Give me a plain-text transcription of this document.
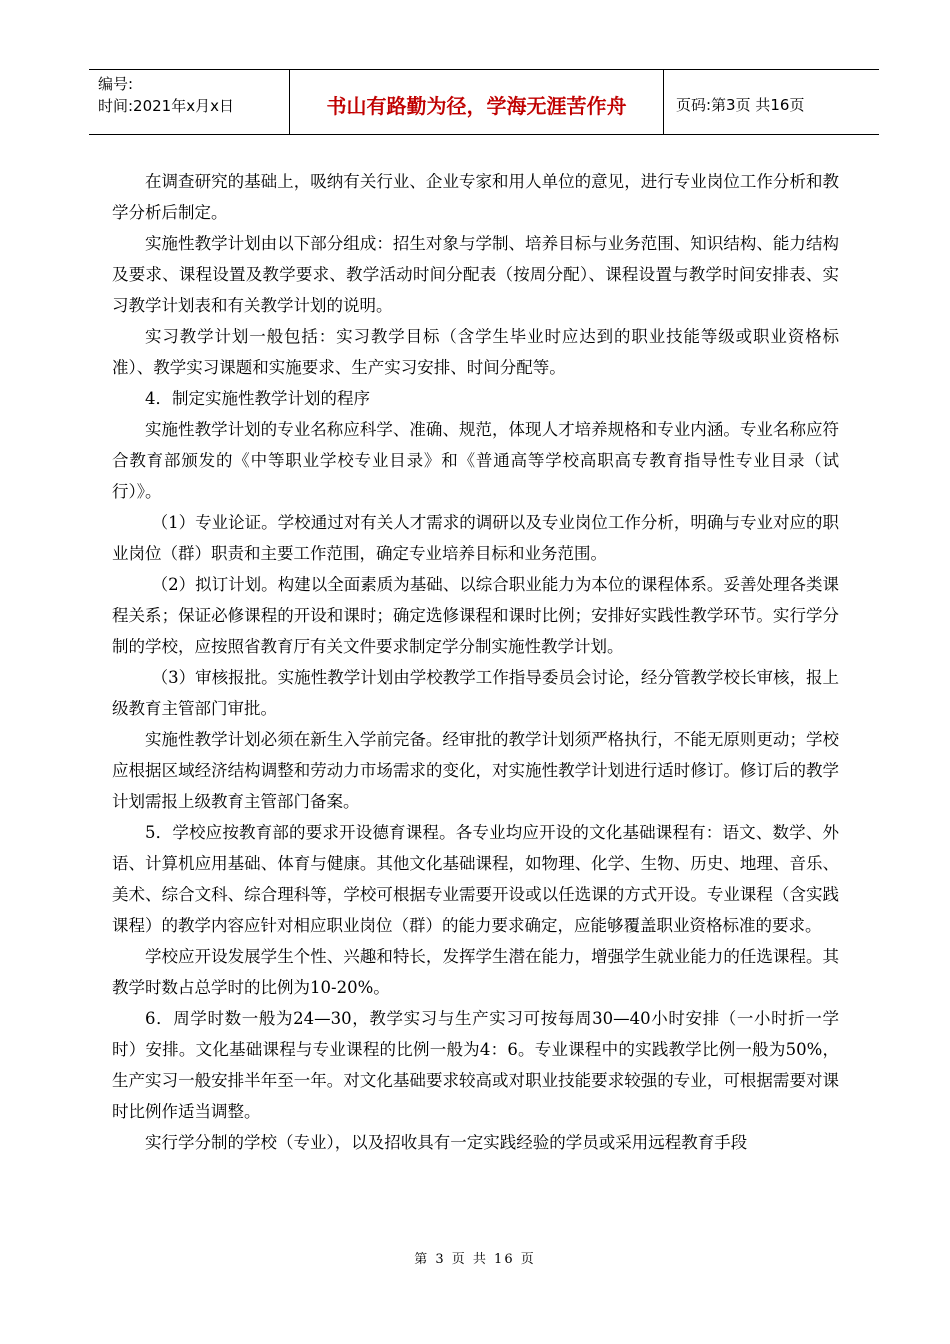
编号:
时间:2021年x月x日	书山有路勤为径，学海无涯苦作舟	页码:第3页 共16页

在调查研究的基础上，吸纳有关行业、企业专家和用人单位的意见，进行专业岗位工作分析和教学分析后制定。

实施性教学计划由以下部分组成：招生对象与学制、培养目标与业务范围、知识结构、能力结构及要求、课程设置及教学要求、教学活动时间分配表（按周分配）、课程设置与教学时间安排表、实习教学计划表和有关教学计划的说明。

实习教学计划一般包括：实习教学目标（含学生毕业时应达到的职业技能等级或职业资格标准）、教学实习课题和实施要求、生产实习安排、时间分配等。

4．制定实施性教学计划的程序

实施性教学计划的专业名称应科学、准确、规范，体现人才培养规格和专业内涵。专业名称应符合教育部颁发的《中等职业学校专业目录》和《普通高等学校高职高专教育指导性专业目录（试行）》。

（1）专业论证。学校通过对有关人才需求的调研以及专业岗位工作分析，明确与专业对应的职业岗位（群）职责和主要工作范围，确定专业培养目标和业务范围。

（2）拟订计划。构建以全面素质为基础、以综合职业能力为本位的课程体系。妥善处理各类课程关系；保证必修课程的开设和课时；确定选修课程和课时比例；安排好实践性教学环节。实行学分制的学校，应按照省教育厅有关文件要求制定学分制实施性教学计划。

（3）审核报批。实施性教学计划由学校教学工作指导委员会讨论，经分管教学校长审核，报上级教育主管部门审批。

实施性教学计划必须在新生入学前完备。经审批的教学计划须严格执行，不能无原则更动；学校应根据区域经济结构调整和劳动力市场需求的变化，对实施性教学计划进行适时修订。修订后的教学计划需报上级教育主管部门备案。

5．学校应按教育部的要求开设德育课程。各专业均应开设的文化基础课程有：语文、数学、外语、计算机应用基础、体育与健康。其他文化基础课程，如物理、化学、生物、历史、地理、音乐、美术、综合文科、综合理科等，学校可根据专业需要开设或以任选课的方式开设。专业课程（含实践课程）的教学内容应针对相应职业岗位（群）的能力要求确定，应能够覆盖职业资格标准的要求。

学校应开设发展学生个性、兴趣和特长，发挥学生潜在能力，增强学生就业能力的任选课程。其教学时数占总学时的比例为10-20%。

6．周学时数一般为24—30，教学实习与生产实习可按每周30—40小时安排（一小时折一学时）安排。文化基础课程与专业课程的比例一般为4：6。专业课程中的实践教学比例一般为50%，生产实习一般安排半年至一年。对文化基础要求较高或对职业技能要求较强的专业，可根据需要对课时比例作适当调整。

实行学分制的学校（专业），以及招收具有一定实践经验的学员或采用远程教育手段

第 3 页 共 16 页
